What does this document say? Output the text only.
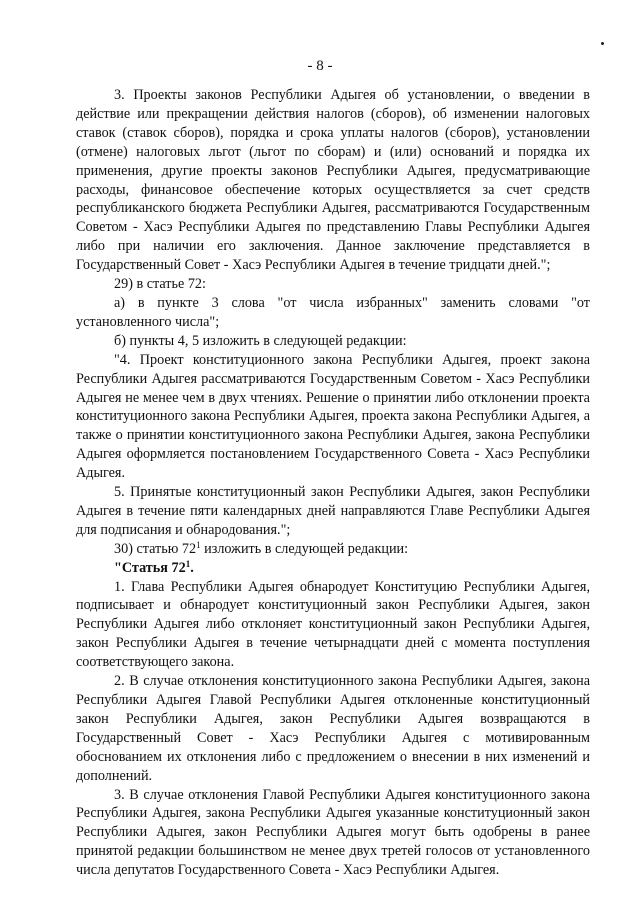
- 8 -

3. Проекты законов Республики Адыгея об установлении, о введении в действие или прекращении действия налогов (сборов), об изменении налоговых ставок (ставок сборов), порядка и срока уплаты налогов (сборов), установлении (отмене) налоговых льгот (льгот по сборам) и (или) оснований и порядка их применения, другие проекты законов Республики Адыгея, предусматривающие расходы, финансовое обеспечение которых осуществляется за счет средств республиканского бюджета Республики Адыгея, рассматриваются Государственным Советом - Хасэ Республики Адыгея по представлению Главы Республики Адыгея либо при наличии его заключения. Данное заключение представляется в Государственный Совет - Хасэ Республики Адыгея в течение тридцати дней.";

29) в статье 72:

а) в пункте 3 слова "от числа избранных" заменить словами "от установленного числа";

б) пункты 4, 5 изложить в следующей редакции:

"4. Проект конституционного закона Республики Адыгея, проект закона Республики Адыгея рассматриваются Государственным Советом - Хасэ Республики Адыгея не менее чем в двух чтениях. Решение о принятии либо отклонении проекта конституционного закона Республики Адыгея, проекта закона Республики Адыгея, а также о принятии конституционного закона Республики Адыгея, закона Республики Адыгея оформляется постановлением Государственного Совета - Хасэ Республики Адыгея.

5. Принятые конституционный закон Республики Адыгея, закон Республики Адыгея в течение пяти календарных дней направляются Главе Республики Адыгея для подписания и обнародования.";

30) статью $72^1$ изложить в следующей редакции:

"Статья $72^1$.

1. Глава Республики Адыгея обнародует Конституцию Республики Адыгея, подписывает и обнародует конституционный закон Республики Адыгея, закон Республики Адыгея либо отклоняет конституционный закон Республики Адыгея, закон Республики Адыгея в течение четырнадцати дней с момента поступления соответствующего закона.

2. В случае отклонения конституционного закона Республики Адыгея, закона Республики Адыгея Главой Республики Адыгея отклоненные конституционный закон Республики Адыгея, закон Республики Адыгея возвращаются в Государственный Совет - Хасэ Республики Адыгея с мотивированным обоснованием их отклонения либо с предложением о внесении в них изменений и дополнений.

3. В случае отклонения Главой Республики Адыгея конституционного закона Республики Адыгея, закона Республики Адыгея указанные конституционный закон Республики Адыгея, закон Республики Адыгея могут быть одобрены в ранее принятой редакции большинством не менее двух третей голосов от установленного числа депутатов Государственного Совета - Хасэ Республики Адыгея.
